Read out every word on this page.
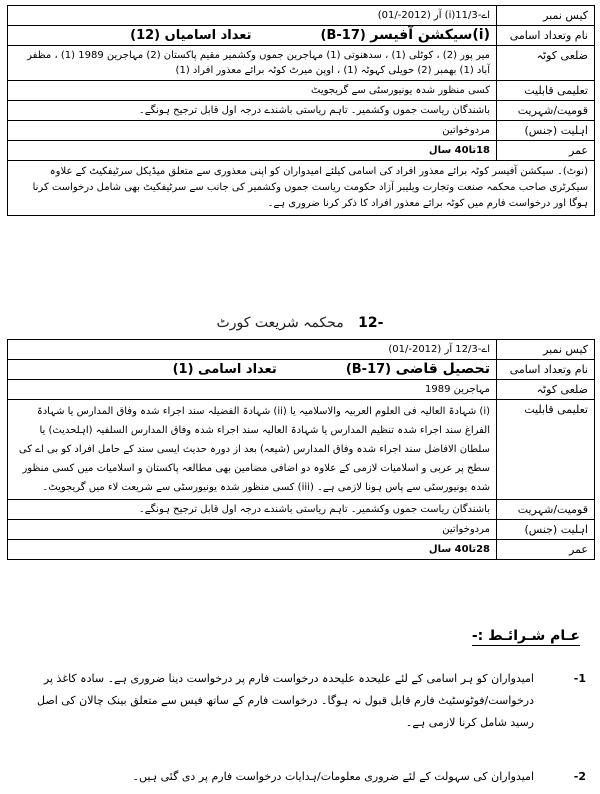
کیس نمبر	اے-11/3(i) آر (2012-/01)
نام وتعداد اسامی	(i)سیکشن آفیسر (B-17)  تعداد اسامیاں (12)
ضلعی کوٹہ	میر پور (2) ، کوٹلی (1) ، سدھنوتی (1) مہاجرین جموں وکشمیر مقیم پاکستان (2) مہاجرین 1989 (1) ، مظفر آباد (1) بھمبر (2) حویلی کہوٹہ (1) ، اوپن میرٹ کوٹہ برائے معذور افراد (1)
تعلیمی قابلیت	کسی منظور شدہ یونیورسٹی سے گریجویٹ
قومیت/شہریت	باشندگان ریاست جموں وکشمیر۔ تاہم ریاستی باشندے درجہ اول قابل ترجیح ہونگے۔
اہلیت (جنس)	مردوخواتین
عمر	18تا40 سال
(نوٹ)۔ سیکشن آفیسر کوٹہ برائے معذور افراد کی اسامی کیلئے امیدواران کو اپنی معذوری سے متعلق میڈیکل سرٹیفکیٹ کے علاوہ سیکرٹری صاحب محکمہ صنعت وتجارت ویلیبر آزاد حکومت ریاست جموں وکشمیر کی جانب سے سرٹیفکیٹ بھی شامل درخواست کرنا ہوگا اور درخواست فارم میں کوٹہ برائے معذور افراد کا ذکر کرنا ضروری ہے۔	
-12 محکمہ شریعت کورٹ
کیس نمبر	اے-12/3 آر (2012-/01)
نام وتعداد اسامی	تحصیل قاضی (B-17)  تعداد اسامی (1)
ضلعی کوٹہ	مہاجرین 1989
تعلیمی قابلیت	(i) شہادۃ العالیہ فی العلوم العربیہ والاسلامیہ یا (ii) شہادۃ الفضیلہ سند اجراء شدہ وفاق المدارس یا شہادۃ الفراغ سند اجراء شدہ تنظیم المدارس یا شہادۃ العالیہ سند اجراء شدہ وفاق المدارس السلفیہ (اہلحدیث) یا سلطان الافاضل سند اجراء شدہ وفاق المدارس (شیعہ) بعد از دورہ حدیث ایسی سند کے حامل افراد کو بی اے کی سطح پر عربی و اسلامیات لازمی کے علاوہ دو اضافی مضامین بھی مطالعہ پاکستان و اسلامیات میں کسی منظور شدہ یونیورسٹی سے پاس ہونا لازمی ہے۔ (iii) کسی منظور شدہ یونیورسٹی سے شریعت لاء میں گریجویٹ۔
قومیت/شہریت	باشندگان ریاست جموں وکشمیر۔ تاہم ریاستی باشندے درجہ اول قابل ترجیح ہونگے۔
اہلیت (جنس)	مردوخواتین
عمر	28تا40 سال
عـام شـرائـط :-
-1
امیدواران کو ہر اسامی کے لئے علیحدہ علیحدہ درخواست فارم پر درخواست دینا ضروری ہے۔ سادہ کاغذ پر درخواست/فوٹوسٹیٹ فارم قابل قبول نہ ہوگا۔ درخواست فارم کے ساتھ فیس سے متعلق بینک چالان کی اصل رسید شامل کرنا لازمی ہے۔
-2
امیدواران کی سہولت کے لئے ضروری معلومات/ہدایات درخواست فارم پر دی گئی ہیں۔
